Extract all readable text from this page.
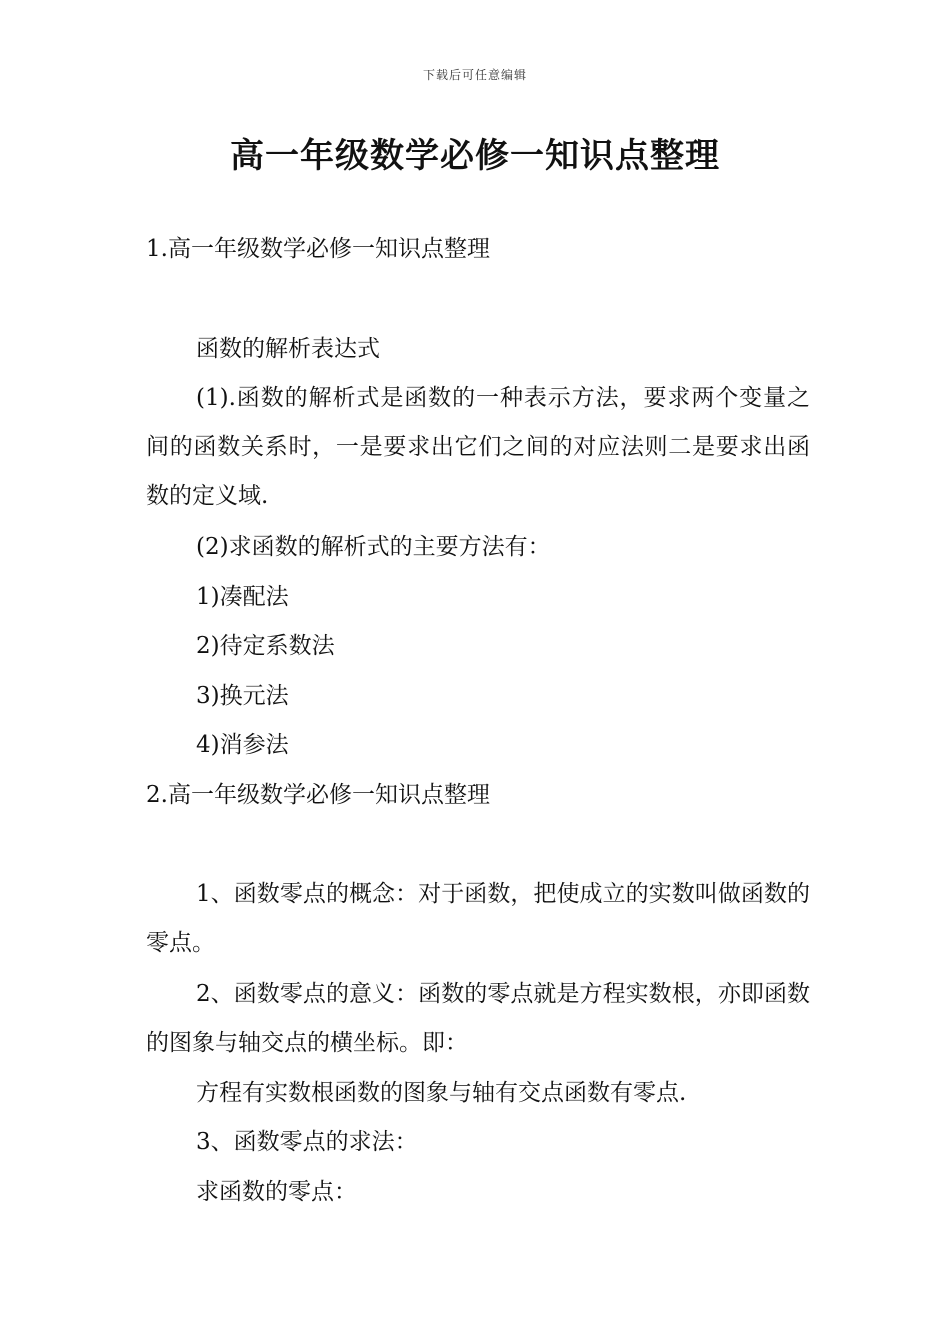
下载后可任意编辑
高一年级数学必修一知识点整理

1.高一年级数学必修一知识点整理

函数的解析表达式

(1).函数的解析式是函数的一种表示方法，要求两个变量之间的函数关系时，一是要求出它们之间的对应法则二是要求出函数的定义域.

(2)求函数的解析式的主要方法有：

1)凑配法

2)待定系数法

3)换元法

4)消参法

2.高一年级数学必修一知识点整理

1、函数零点的概念：对于函数，把使成立的实数叫做函数的零点。

2、函数零点的意义：函数的零点就是方程实数根，亦即函数的图象与轴交点的横坐标。即：

方程有实数根函数的图象与轴有交点函数有零点.

3、函数零点的求法：

求函数的零点：
